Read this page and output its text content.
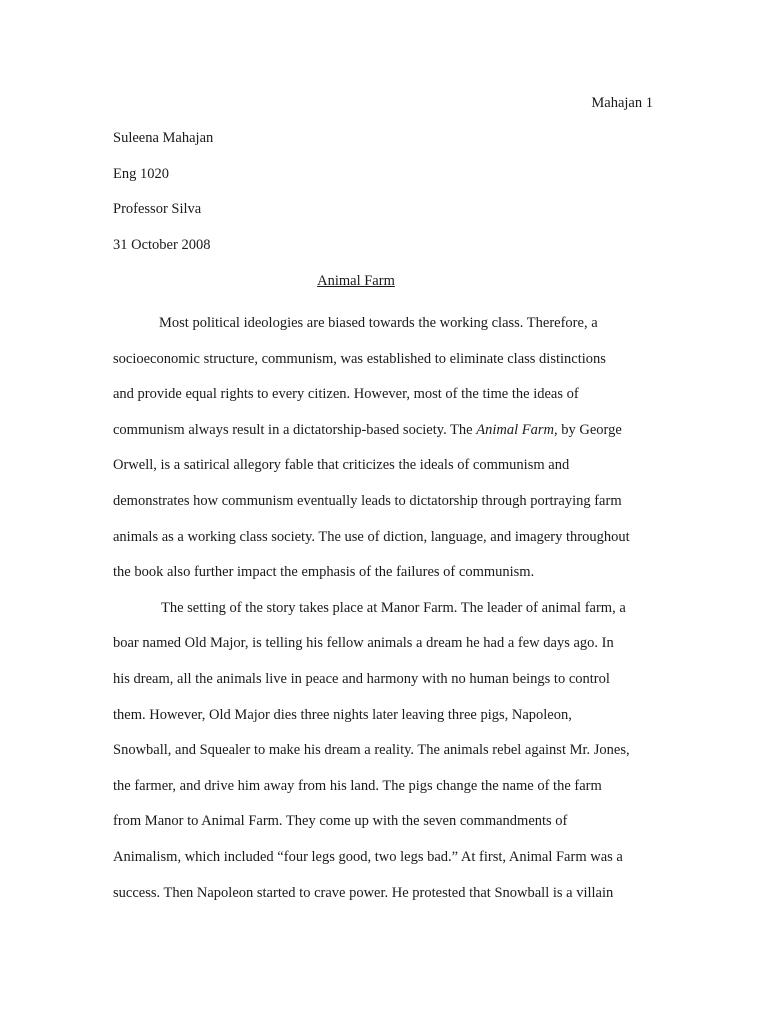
Mahajan 1
Suleena Mahajan
Eng 1020
Professor Silva
31 October 2008
Animal Farm

Most political ideologies are biased towards the working class. Therefore, a socioeconomic structure, communism, was established to eliminate class distinctions and provide equal rights to every citizen. However, most of the time the ideas of communism always result in a dictatorship-based society. The Animal Farm, by George Orwell, is a satirical allegory fable that criticizes the ideals of communism and demonstrates how communism eventually leads to dictatorship through portraying farm animals as a working class society. The use of diction, language, and imagery throughout the book also further impact the emphasis of the failures of communism.

The setting of the story takes place at Manor Farm. The leader of animal farm, a boar named Old Major, is telling his fellow animals a dream he had a few days ago. In his dream, all the animals live in peace and harmony with no human beings to control them. However, Old Major dies three nights later leaving three pigs, Napoleon, Snowball, and Squealer to make his dream a reality. The animals rebel against Mr. Jones, the farmer, and drive him away from his land. The pigs change the name of the farm from Manor to Animal Farm. They come up with the seven commandments of Animalism, which included “four legs good, two legs bad.” At first, Animal Farm was a success. Then Napoleon started to crave power. He protested that Snowball is a villain
